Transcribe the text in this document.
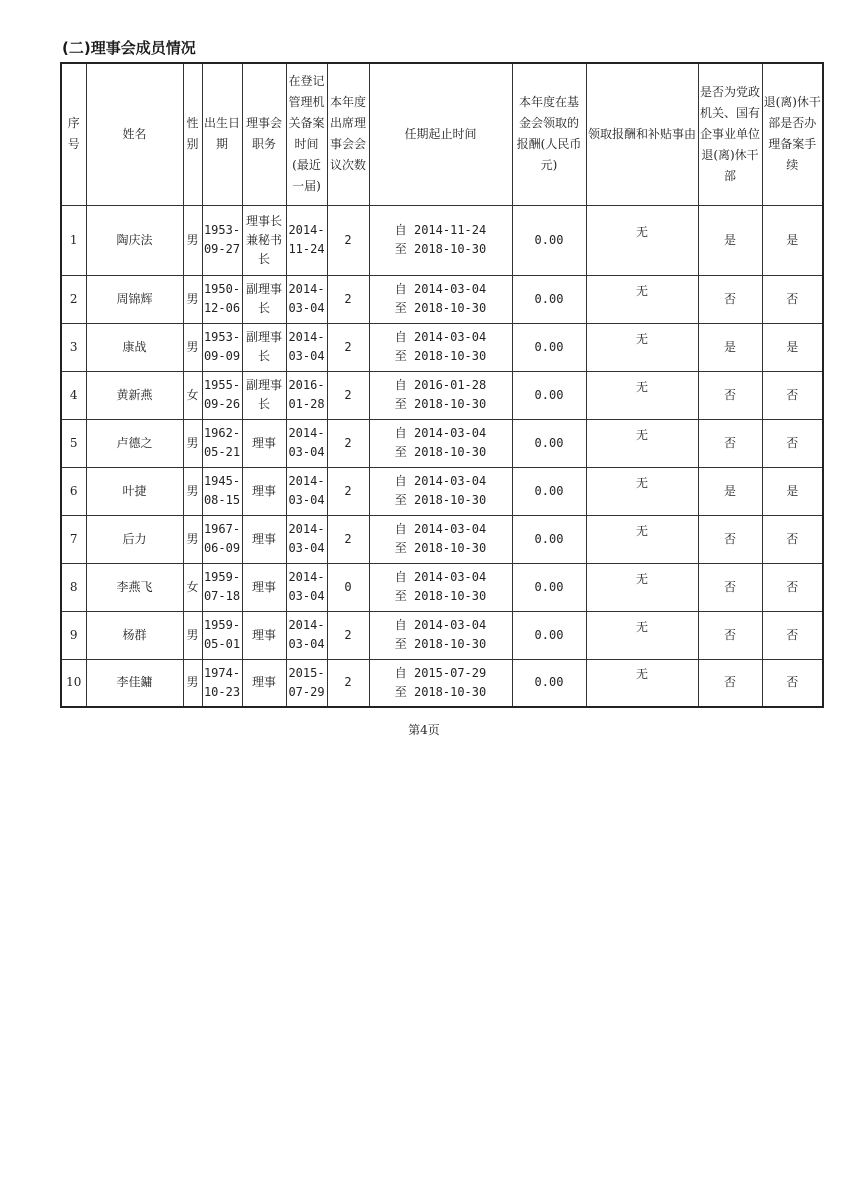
(二)理事会成员情况
序号	姓名	性别	出生日期	理事会职务	在登记管理机关备案时间(最近一届)	本年度出席理事会会议次数	任期起止时间	本年度在基金会领取的报酬(人民币元)	领取报酬和补贴事由	是否为党政机关、国有企事业单位退(离)休干部	退(离)休干部是否办理备案手续
1	陶庆法	男	1953-09-27	理事长兼秘书长	2014-11-24	2	自 2014-11-24
至 2018-10-30	0.00	无	是	是
2	周锦辉	男	1950-12-06	副理事长	2014-03-04	2	自 2014-03-04
至 2018-10-30	0.00	无	否	否
3	康战	男	1953-09-09	副理事长	2014-03-04	2	自 2014-03-04
至 2018-10-30	0.00	无	是	是
4	黄新燕	女	1955-09-26	副理事长	2016-01-28	2	自 2016-01-28
至 2018-10-30	0.00	无	否	否
5	卢德之	男	1962-05-21	理事	2014-03-04	2	自 2014-03-04
至 2018-10-30	0.00	无	否	否
6	叶捷	男	1945-08-15	理事	2014-03-04	2	自 2014-03-04
至 2018-10-30	0.00	无	是	是
7	后力	男	1967-06-09	理事	2014-03-04	2	自 2014-03-04
至 2018-10-30	0.00	无	否	否
8	李燕飞	女	1959-07-18	理事	2014-03-04	0	自 2014-03-04
至 2018-10-30	0.00	无	否	否
9	杨群	男	1959-05-01	理事	2014-03-04	2	自 2014-03-04
至 2018-10-30	0.00	无	否	否
10	李佳鏞	男	1974-10-23	理事	2015-07-29	2	自 2015-07-29
至 2018-10-30	0.00	无	否	否
第4页
